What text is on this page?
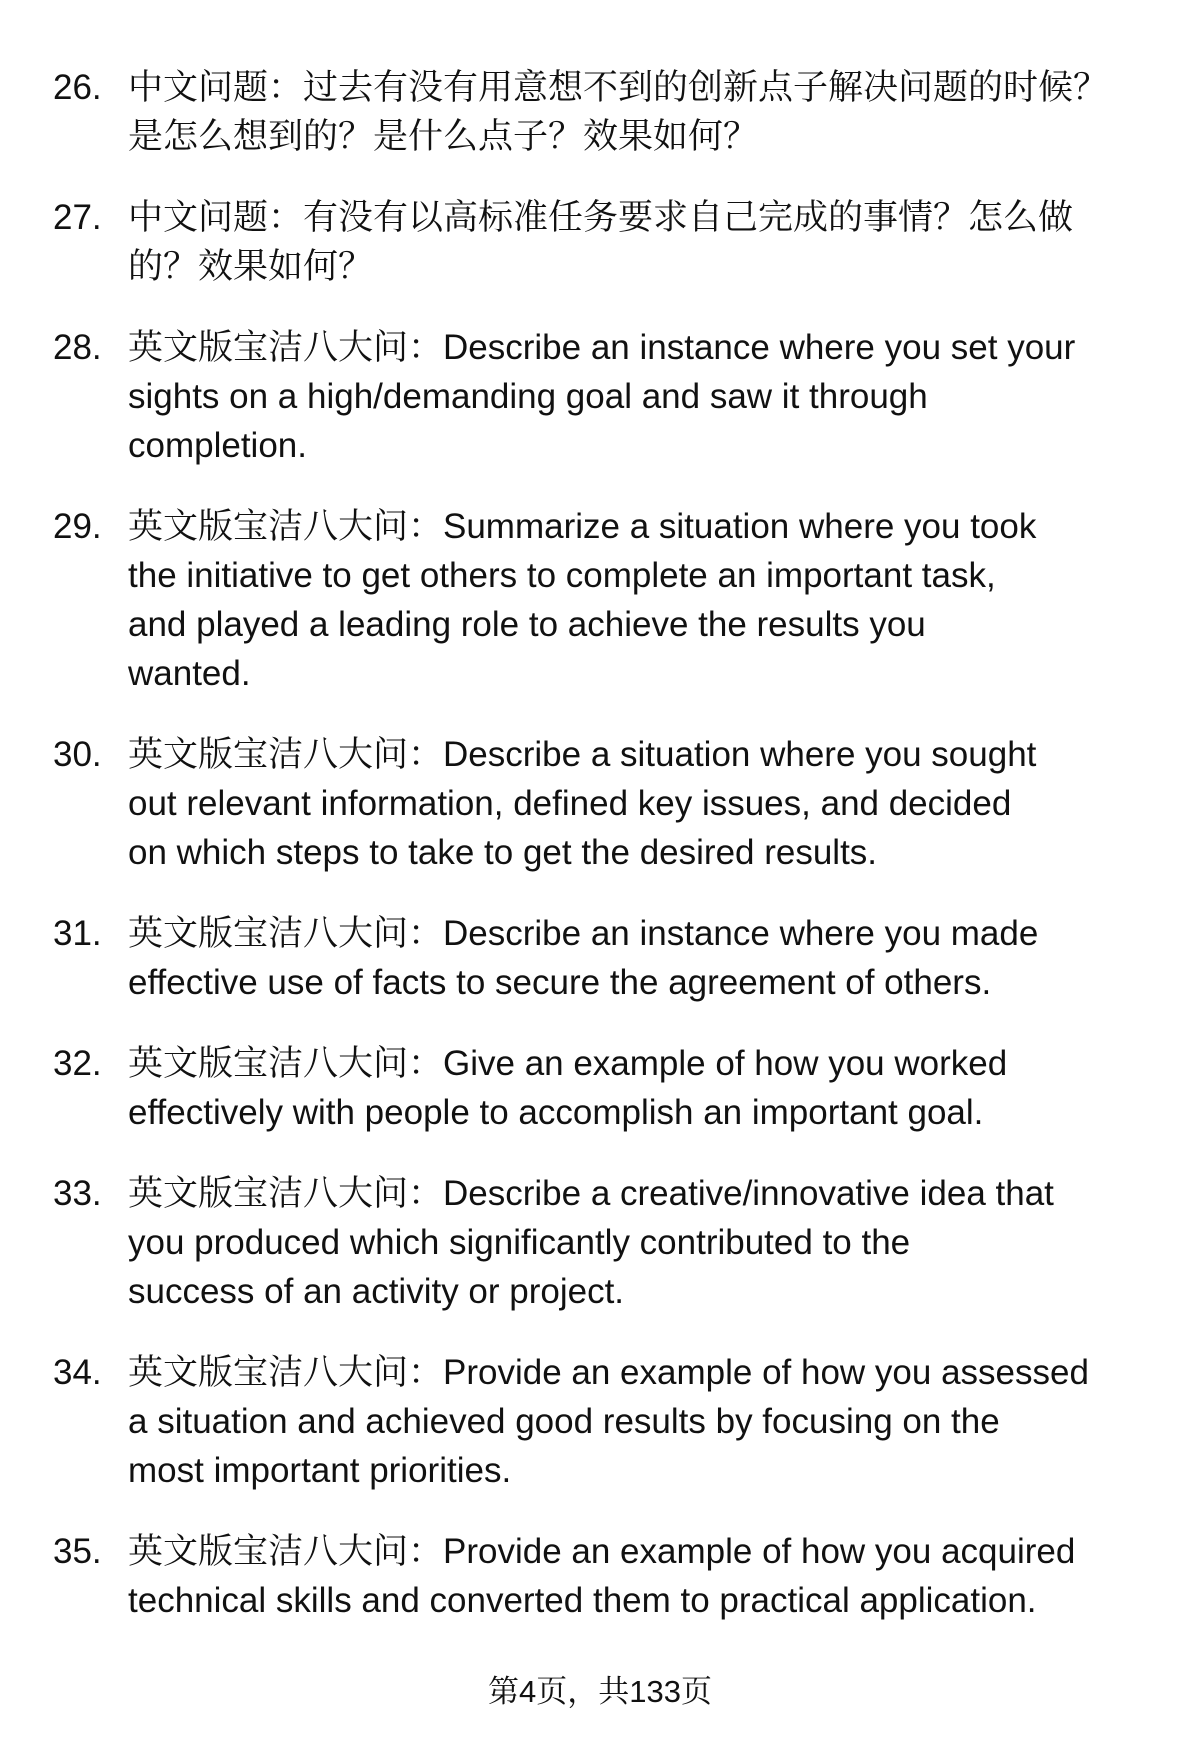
26. 中文问题：过去有没有用意想不到的创新点子解决问题的时候？
是怎么想到的？是什么点子？效果如何？
27. 中文问题：有没有以高标准任务要求自己完成的事情？怎么做
的？效果如何？
28. 英文版宝洁八大问：Describe an instance where you set your
sights on a high/demanding goal and saw it through
completion.
29. 英文版宝洁八大问：Summarize a situation where you took
the initiative to get others to complete an important task,
and played a leading role to achieve the results you
wanted.
30. 英文版宝洁八大问：Describe a situation where you sought
out relevant information, defined key issues, and decided
on which steps to take to get the desired results.
31. 英文版宝洁八大问：Describe an instance where you made
effective use of facts to secure the agreement of others.
32. 英文版宝洁八大问：Give an example of how you worked
effectively with people to accomplish an important goal.
33. 英文版宝洁八大问：Describe a creative/innovative idea that
you produced which significantly contributed to the
success of an activity or project.
34. 英文版宝洁八大问：Provide an example of how you assessed
a situation and achieved good results by focusing on the
most important priorities.
35. 英文版宝洁八大问：Provide an example of how you acquired
technical skills and converted them to practical application.
第4页，共133页
